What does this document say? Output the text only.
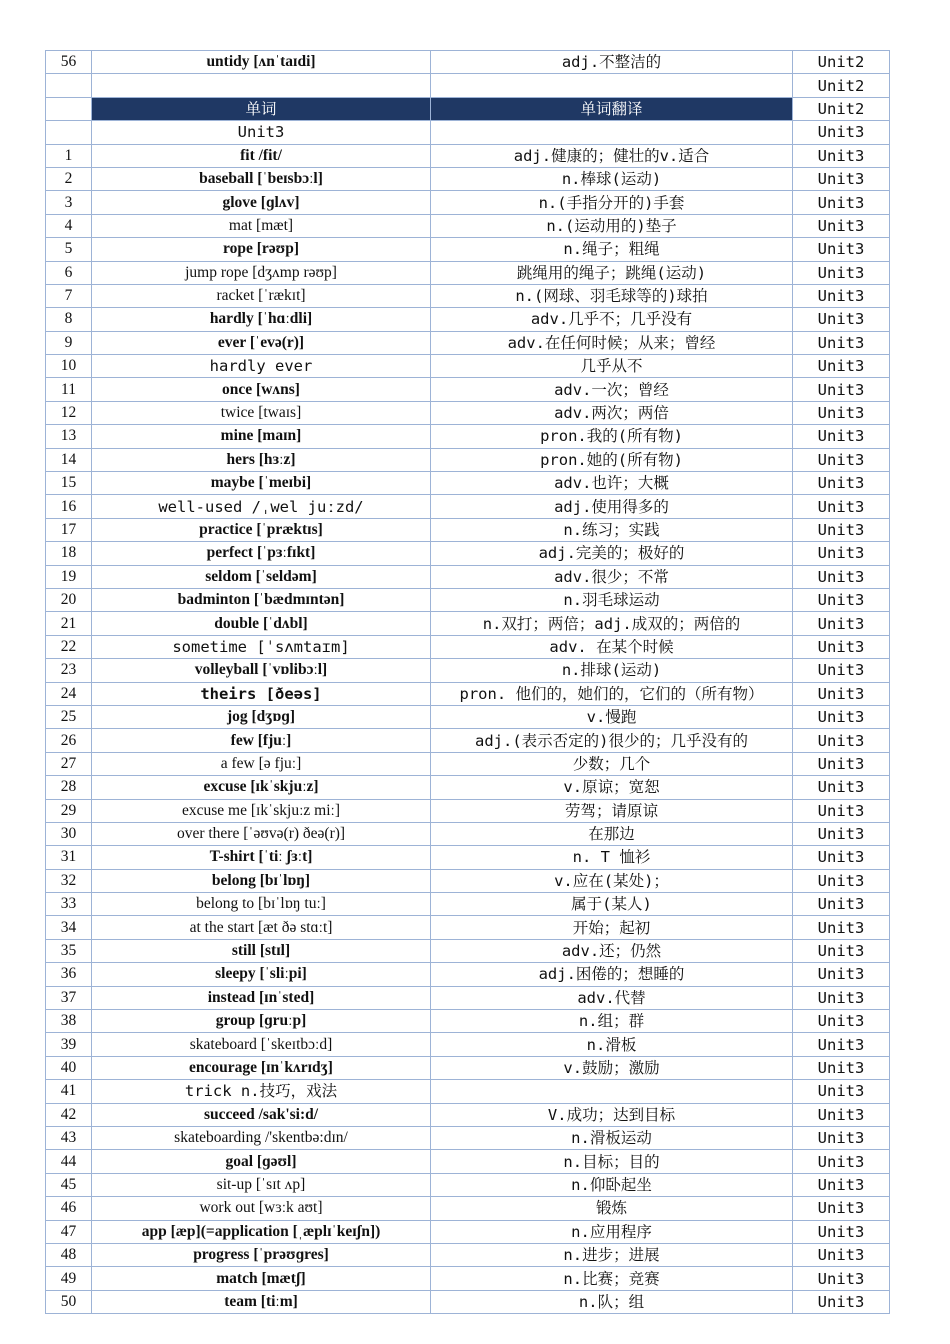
56	untidy [ʌnˈtaɪdi]	adj.不整洁的	Unit2
			Unit2
	单词	单词翻译	Unit2
	Unit3		Unit3
1	fit /fit/	adj.健康的；健壮的v.适合	Unit3
2	baseball [ˈbeɪsbɔːl]	n.棒球(运动)	Unit3
3	glove [ɡlʌv]	n.(手指分开的)手套	Unit3
4	mat [mæt]	n.(运动用的)垫子	Unit3
5	rope [rəʊp]	n.绳子；粗绳	Unit3
6	jump rope [dʒʌmp rəʊp]	跳绳用的绳子；跳绳(运动)	Unit3
7	racket [ˈrækɪt]	n.(网球、羽毛球等的)球拍	Unit3
8	hardly [ˈhɑːdli]	adv.几乎不；几乎没有	Unit3
9	ever [ˈevə(r)]	adv.在任何时候；从来；曾经	Unit3
10	hardly ever	几乎从不	Unit3
11	once [wʌns]	adv.一次；曾经	Unit3
12	twice [twaɪs]	adv.两次；两倍	Unit3
13	mine [maɪn]	pron.我的(所有物)	Unit3
14	hers [hɜːz]	pron.她的(所有物)	Unit3
15	maybe [ˈmeɪbi]	adv.也许；大概	Unit3
16	well-used /ˌwel juːzd/	adj.使用得多的	Unit3
17	practice [ˈpræktɪs]	n.练习；实践	Unit3
18	perfect [ˈpɜːfɪkt]	adj.完美的；极好的	Unit3
19	seldom [ˈseldəm]	adv.很少；不常	Unit3
20	badminton [ˈbædmɪntən]	n.羽毛球运动	Unit3
21	double [ˈdʌbl]	n.双打；两倍；adj.成双的；两倍的	Unit3
22	sometime [ˈsʌmtaɪm]	adv. 在某个时候	Unit3
23	volleyball [ˈvɒlibɔːl]	n.排球(运动)	Unit3
24	theirs [ðeəs]	pron. 他们的，她们的，它们的（所有物）	Unit3
25	jog [dʒɒɡ]	v.慢跑	Unit3
26	few [fjuː]	adj.(表示否定的)很少的；几乎没有的	Unit3
27	a few [ə fjuː]	少数；几个	Unit3
28	excuse [ɪkˈskjuːz]	v.原谅；宽恕	Unit3
29	excuse me [ɪkˈskjuːz miː]	劳驾；请原谅	Unit3
30	over there [ˈəʊvə(r) ðeə(r)]	在那边	Unit3
31	T-shirt [ˈtiː ʃɜːt]	n. T 恤衫	Unit3
32	belong [bɪˈlɒŋ]	v.应在(某处)；	Unit3
33	belong to [bɪˈlɒŋ tuː]	属于(某人)	Unit3
34	at the start [æt ðə stɑːt]	开始；起初	Unit3
35	still [stɪl]	adv.还；仍然	Unit3
36	sleepy [ˈsliːpi]	adj.困倦的；想睡的	Unit3
37	instead [ɪnˈsted]	adv.代替	Unit3
38	group [ɡruːp]	n.组；群	Unit3
39	skateboard [ˈskeɪtbɔːd]	n.滑板	Unit3
40	encourage [ɪnˈkʌrɪdʒ]	v.鼓励；激励	Unit3
41	trick n.技巧，戏法		Unit3
42	succeed /sak'si:d/	V.成功；达到目标	Unit3
43	skateboarding /'skentbə:dɪn/	n.滑板运动	Unit3
44	goal [ɡəʊl]	n.目标；目的	Unit3
45	sit-up [ˈsɪt ʌp]	n.仰卧起坐	Unit3
46	work out [wɜːk aʊt]	锻炼	Unit3
47	app [æp](=application [ˌæplɪˈkeɪʃn])	n.应用程序	Unit3
48	progress [ˈprəʊɡres]	n.进步；进展	Unit3
49	match [mætʃ]	n.比赛；竞赛	Unit3
50	team [tiːm]	n.队；组	Unit3
